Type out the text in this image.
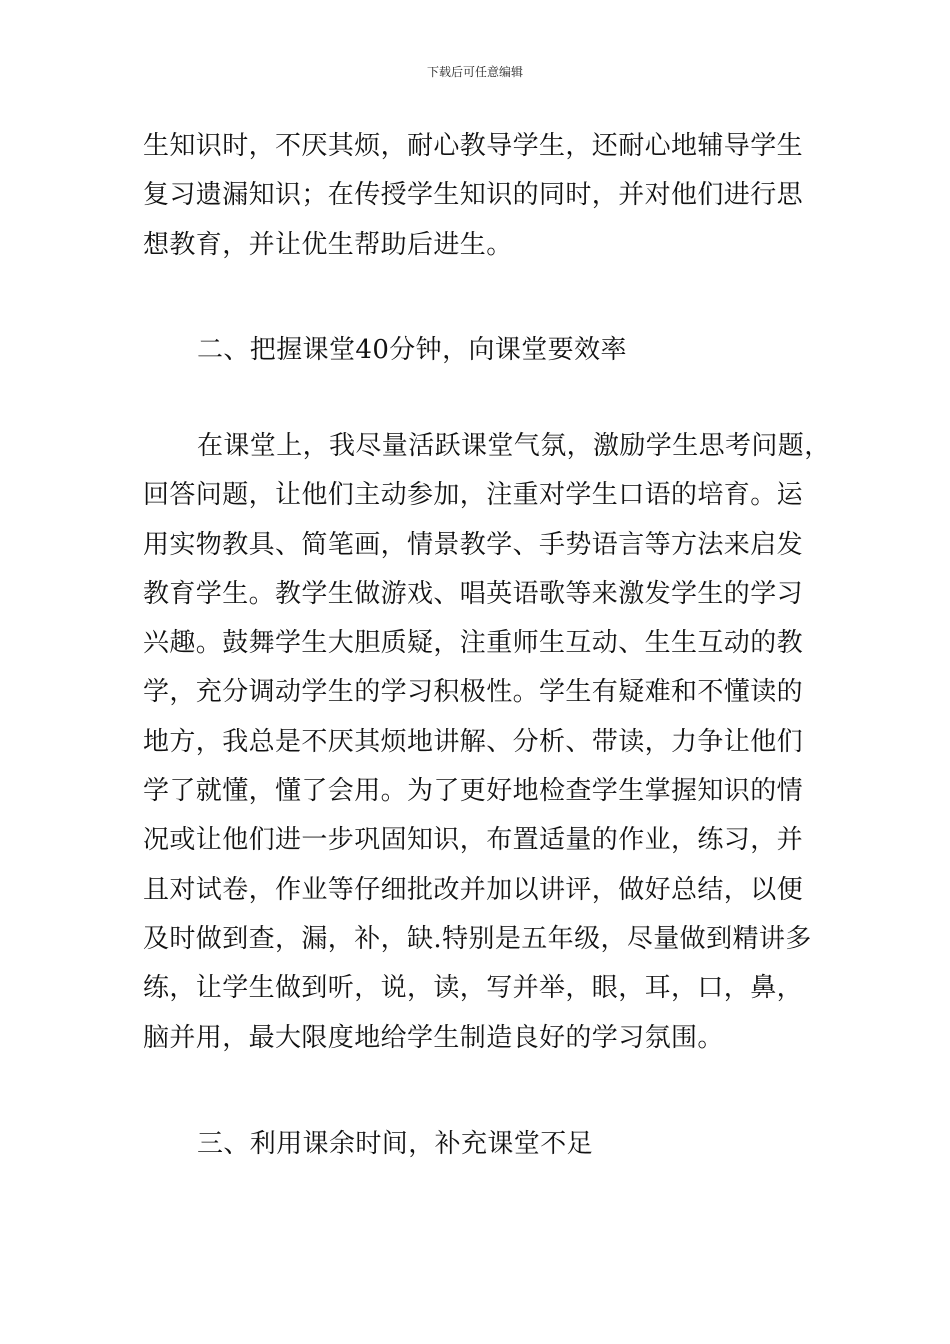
下载后可任意编辑
生知识时，不厌其烦，耐心教导学生，还耐心地辅导学生
复习遗漏知识；在传授学生知识的同时，并对他们进行思
想教育，并让优生帮助后进生。
二、把握课堂40分钟，向课堂要效率
在课堂上，我尽量活跃课堂气氛，激励学生思考问题，
回答问题，让他们主动参加，注重对学生口语的培育。运
用实物教具、简笔画，情景教学、手势语言等方法来启发
教育学生。教学生做游戏、唱英语歌等来激发学生的学习
兴趣。鼓舞学生大胆质疑，注重师生互动、生生互动的教
学，充分调动学生的学习积极性。学生有疑难和不懂读的
地方，我总是不厌其烦地讲解、分析、带读，力争让他们
学了就懂，懂了会用。为了更好地检查学生掌握知识的情
况或让他们进一步巩固知识，布置适量的作业，练习，并
且对试卷，作业等仔细批改并加以讲评，做好总结，以便
及时做到查，漏，补，缺.特别是五年级，尽量做到精讲多
练，让学生做到听，说，读，写并举，眼，耳，口，鼻，
脑并用，最大限度地给学生制造良好的学习氛围。
三、利用课余时间，补充课堂不足
